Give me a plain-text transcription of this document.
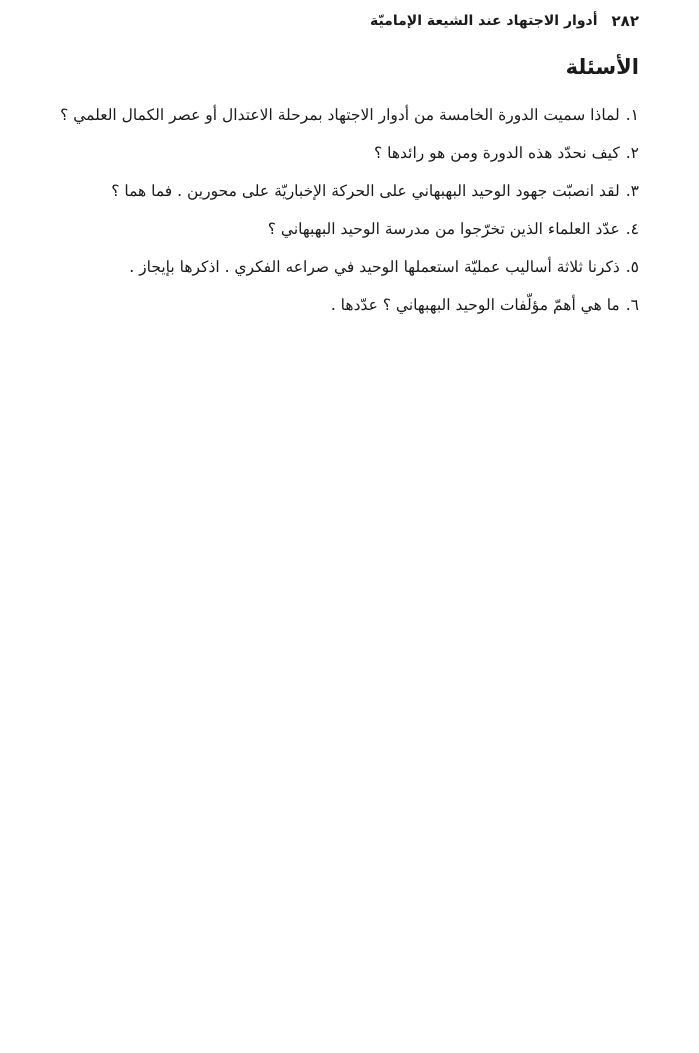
٢٨٢
أدوار الاجتهاد عند الشيعة الإماميّة
الأسئلة
١.
لماذا سميت الدورة الخامسة من أدوار الاجتهاد بمرحلة الاعتدال أو عصر الكمال العلمي ؟
٢.
كيف نحدّد هذه الدورة ومن هو رائدها ؟
٣.
لقد انصبّت جهود الوحيد البهبهاني على الحركة الإخباريّة على محورين . فما هما ؟
٤.
عدّد العلماء الذين تخرّجوا من مدرسة الوحيد البهبهاني ؟
٥.
ذكرنا ثلاثة أساليب عمليّة استعملها الوحيد في صراعه الفكري . اذكرها بإيجاز .
٦.
ما هي أهمّ مؤلّفات الوحيد البهبهاني ؟ عدّدها .
